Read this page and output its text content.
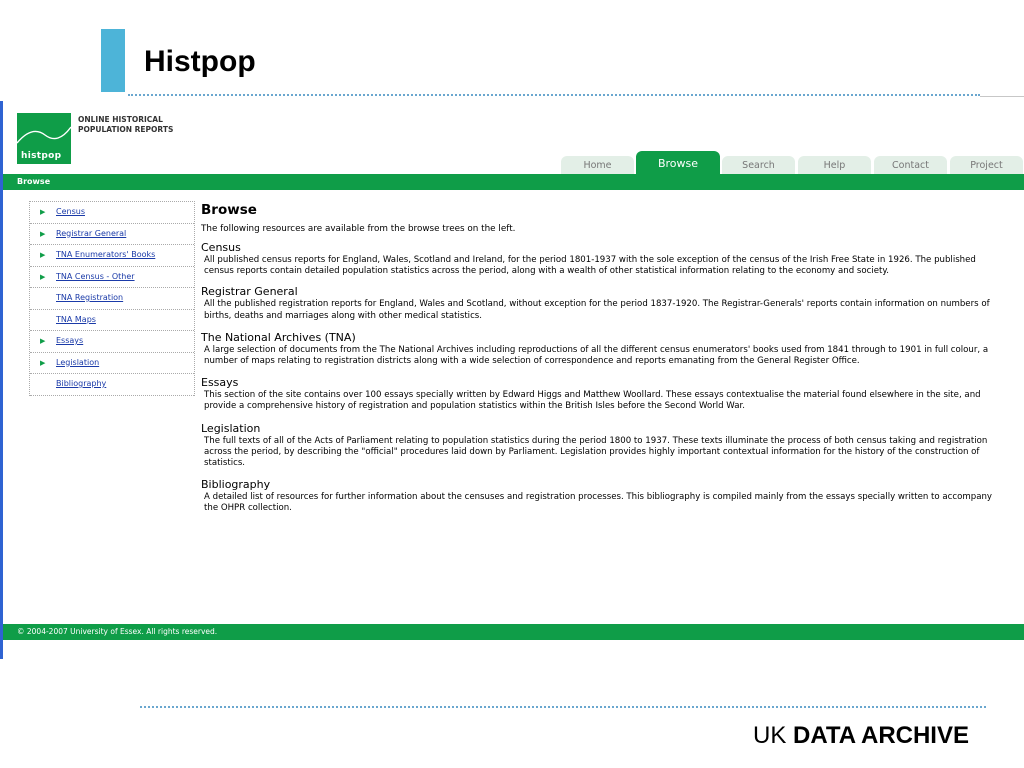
Histpop
histpop
ONLINE HISTORICAL
POPULATION REPORTS
Home	Browse	Search	Help	Contact	Project
Browse
▶ Census
▶ Registrar General
▶ TNA Enumerators' Books
▶ TNA Census - Other
TNA Registration
TNA Maps
▶ Essays
▶ Legislation
Bibliography
Browse
The following resources are available from the browse trees on the left.
Census

All published census reports for England, Wales, Scotland and Ireland, for the period 1801-1937 with the sole exception of the census of the Irish Free State in 1926. The published census reports contain detailed population statistics across the period, along with a wealth of other statistical information relating to the economy and society.

Registrar General

All the published registration reports for England, Wales and Scotland, without exception for the period 1837-1920. The Registrar-Generals' reports contain information on numbers of births, deaths and marriages along with other medical statistics.

The National Archives (TNA)

A large selection of documents from the The National Archives including reproductions of all the different census enumerators' books used from 1841 through to 1901 in full colour, a number of maps relating to registration districts along with a wide selection of correspondence and reports emanating from the General Register Office.

Essays

This section of the site contains over 100 essays specially written by Edward Higgs and Matthew Woollard. These essays contextualise the material found elsewhere in the site, and provide a comprehensive history of registration and population statistics within the British Isles before the Second World War.

Legislation

The full texts of all of the Acts of Parliament relating to population statistics during the period 1800 to 1937. These texts illuminate the process of both census taking and registration across the period, by describing the "official" procedures laid down by Parliament. Legislation provides highly important contextual information for the history of the construction of statistics.

Bibliography

A detailed list of resources for further information about the censuses and registration processes. This bibliography is compiled mainly from the essays specially written to accompany the OHPR collection.

© 2004-2007 University of Essex. All rights reserved.
UK DATA ARCHIVE
